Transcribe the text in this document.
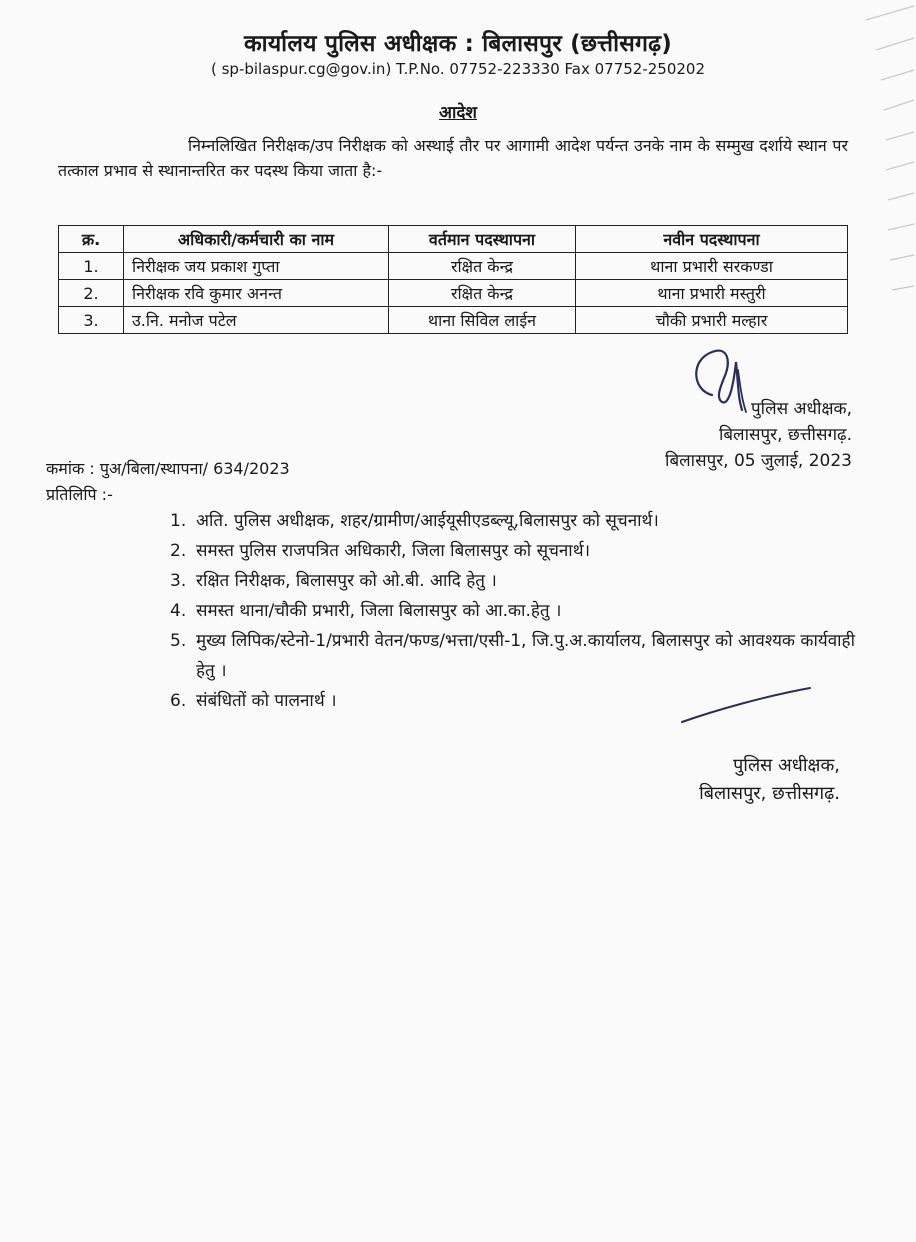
कार्यालय पुलिस अधीक्षक : बिलासपुर (छत्तीसगढ़)
( sp-bilaspur.cg@gov.in) T.P.No. 07752-223330 Fax 07752-250202
आदेश
निम्नलिखित निरीक्षक/उप निरीक्षक को अस्थाई तौर पर आगामी आदेश पर्यन्त उनके नाम के सम्मुख दर्शाये स्थान पर तत्काल प्रभाव से स्थानान्तरित कर पदस्थ किया जाता है:-
क्र.	अधिकारी/कर्मचारी का नाम	वर्तमान पदस्थापना	नवीन पदस्थापना
1.	निरीक्षक जय प्रकाश गुप्ता	रक्षित केन्द्र	थाना प्रभारी सरकण्डा
2.	निरीक्षक रवि कुमार अनन्त	रक्षित केन्द्र	थाना प्रभारी मस्तुरी
3.	उ.नि. मनोज पटेल	थाना सिविल लाईन	चौकी प्रभारी मल्हार
पुलिस अधीक्षक,
बिलासपुर, छत्तीसगढ़.
बिलासपुर, 05 जुलाई, 2023
कमांक : पुअ/बिला/स्थापना/ 634/2023
प्रतिलिपि :-
1. अति. पुलिस अधीक्षक, शहर/ग्रामीण/आईयूसीएडब्ल्यू,बिलासपुर को सूचनार्थ।
2. समस्त पुलिस राजपत्रित अधिकारी, जिला बिलासपुर को सूचनार्थ।
3. रक्षित निरीक्षक, बिलासपुर को ओ.बी. आदि हेतु ।
4. समस्त थाना/चौकी प्रभारी, जिला बिलासपुर को आ.का.हेतु ।
5. मुख्य लिपिक/स्टेनो-1/प्रभारी वेतन/फण्ड/भत्ता/एसी-1, जि.पु.अ.कार्यालय, बिलासपुर को आवश्यक कार्यवाही हेतु ।
6. संबंधितों को पालनार्थ ।
पुलिस अधीक्षक,
बिलासपुर, छत्तीसगढ़.
